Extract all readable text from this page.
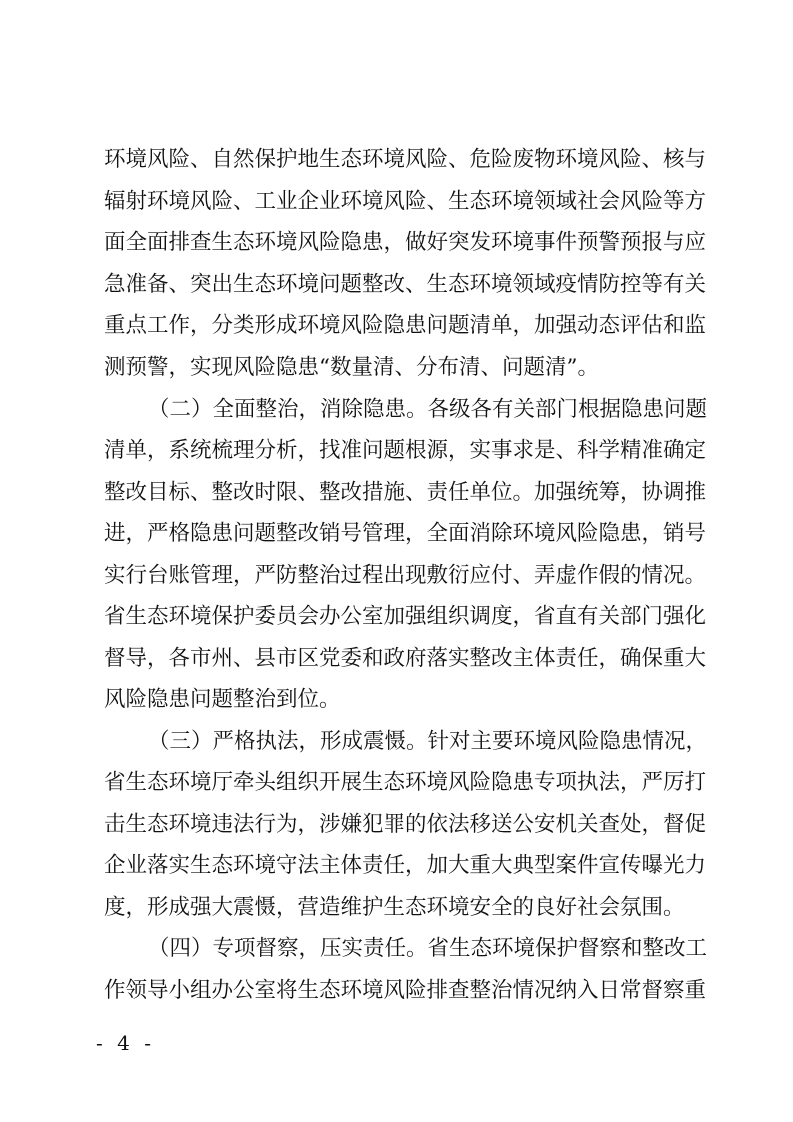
环境风险、自然保护地生态环境风险、危险废物环境风险、核与
辐射环境风险、工业企业环境风险、生态环境领域社会风险等方
面全面排查生态环境风险隐患，做好突发环境事件预警预报与应
急准备、突出生态环境问题整改、生态环境领域疫情防控等有关
重点工作，分类形成环境风险隐患问题清单，加强动态评估和监
测预警，实现风险隐患“数量清、分布清、问题清”。
（二）全面整治，消除隐患。各级各有关部门根据隐患问题
清单，系统梳理分析，找准问题根源，实事求是、科学精准确定
整改目标、整改时限、整改措施、责任单位。加强统筹，协调推
进，严格隐患问题整改销号管理，全面消除环境风险隐患，销号
实行台账管理，严防整治过程出现敷衍应付、弄虚作假的情况。
省生态环境保护委员会办公室加强组织调度，省直有关部门强化
督导，各市州、县市区党委和政府落实整改主体责任，确保重大
风险隐患问题整治到位。
（三）严格执法，形成震慑。针对主要环境风险隐患情况，
省生态环境厅牵头组织开展生态环境风险隐患专项执法，严厉打
击生态环境违法行为，涉嫌犯罪的依法移送公安机关查处，督促
企业落实生态环境守法主体责任，加大重大典型案件宣传曝光力
度，形成强大震慑，营造维护生态环境安全的良好社会氛围。
（四）专项督察，压实责任。省生态环境保护督察和整改工
作领导小组办公室将生态环境风险排查整治情况纳入日常督察重
- 4 -
